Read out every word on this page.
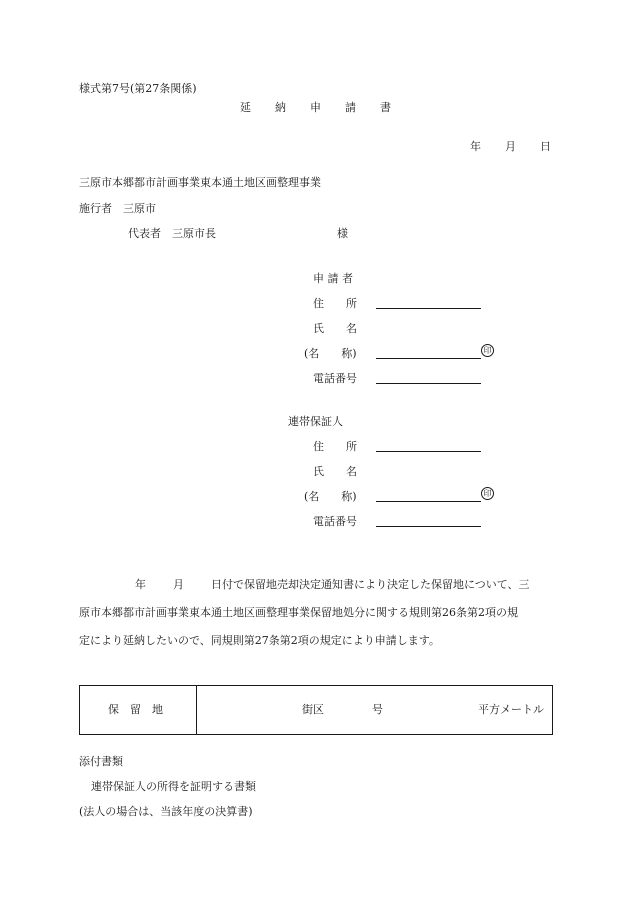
様式第7号(第27条関係)
延 納 申 請 書
年 月 日
三原市本郷都市計画事業東本通土地区画整理事業
施行者　三原市
代表者　三原市長	様
申 請 者
住　　所
氏　　名
(名　　称)	印
電話番号
連帯保証人
住　　所
氏　　名
(名　　称)	印
電話番号
年 月 日付で保留地売却決定通知書により決定した保留地について、三
原市本郷都市計画事業東本通土地区画整理事業保留地処分に関する規則第26条第2項の規
定により延納したいので、同規則第27条第2項の規定により申請します。
保　留　地	街区	号	平方メートル
添付書類
連帯保証人の所得を証明する書類
(法人の場合は、当該年度の決算書)
